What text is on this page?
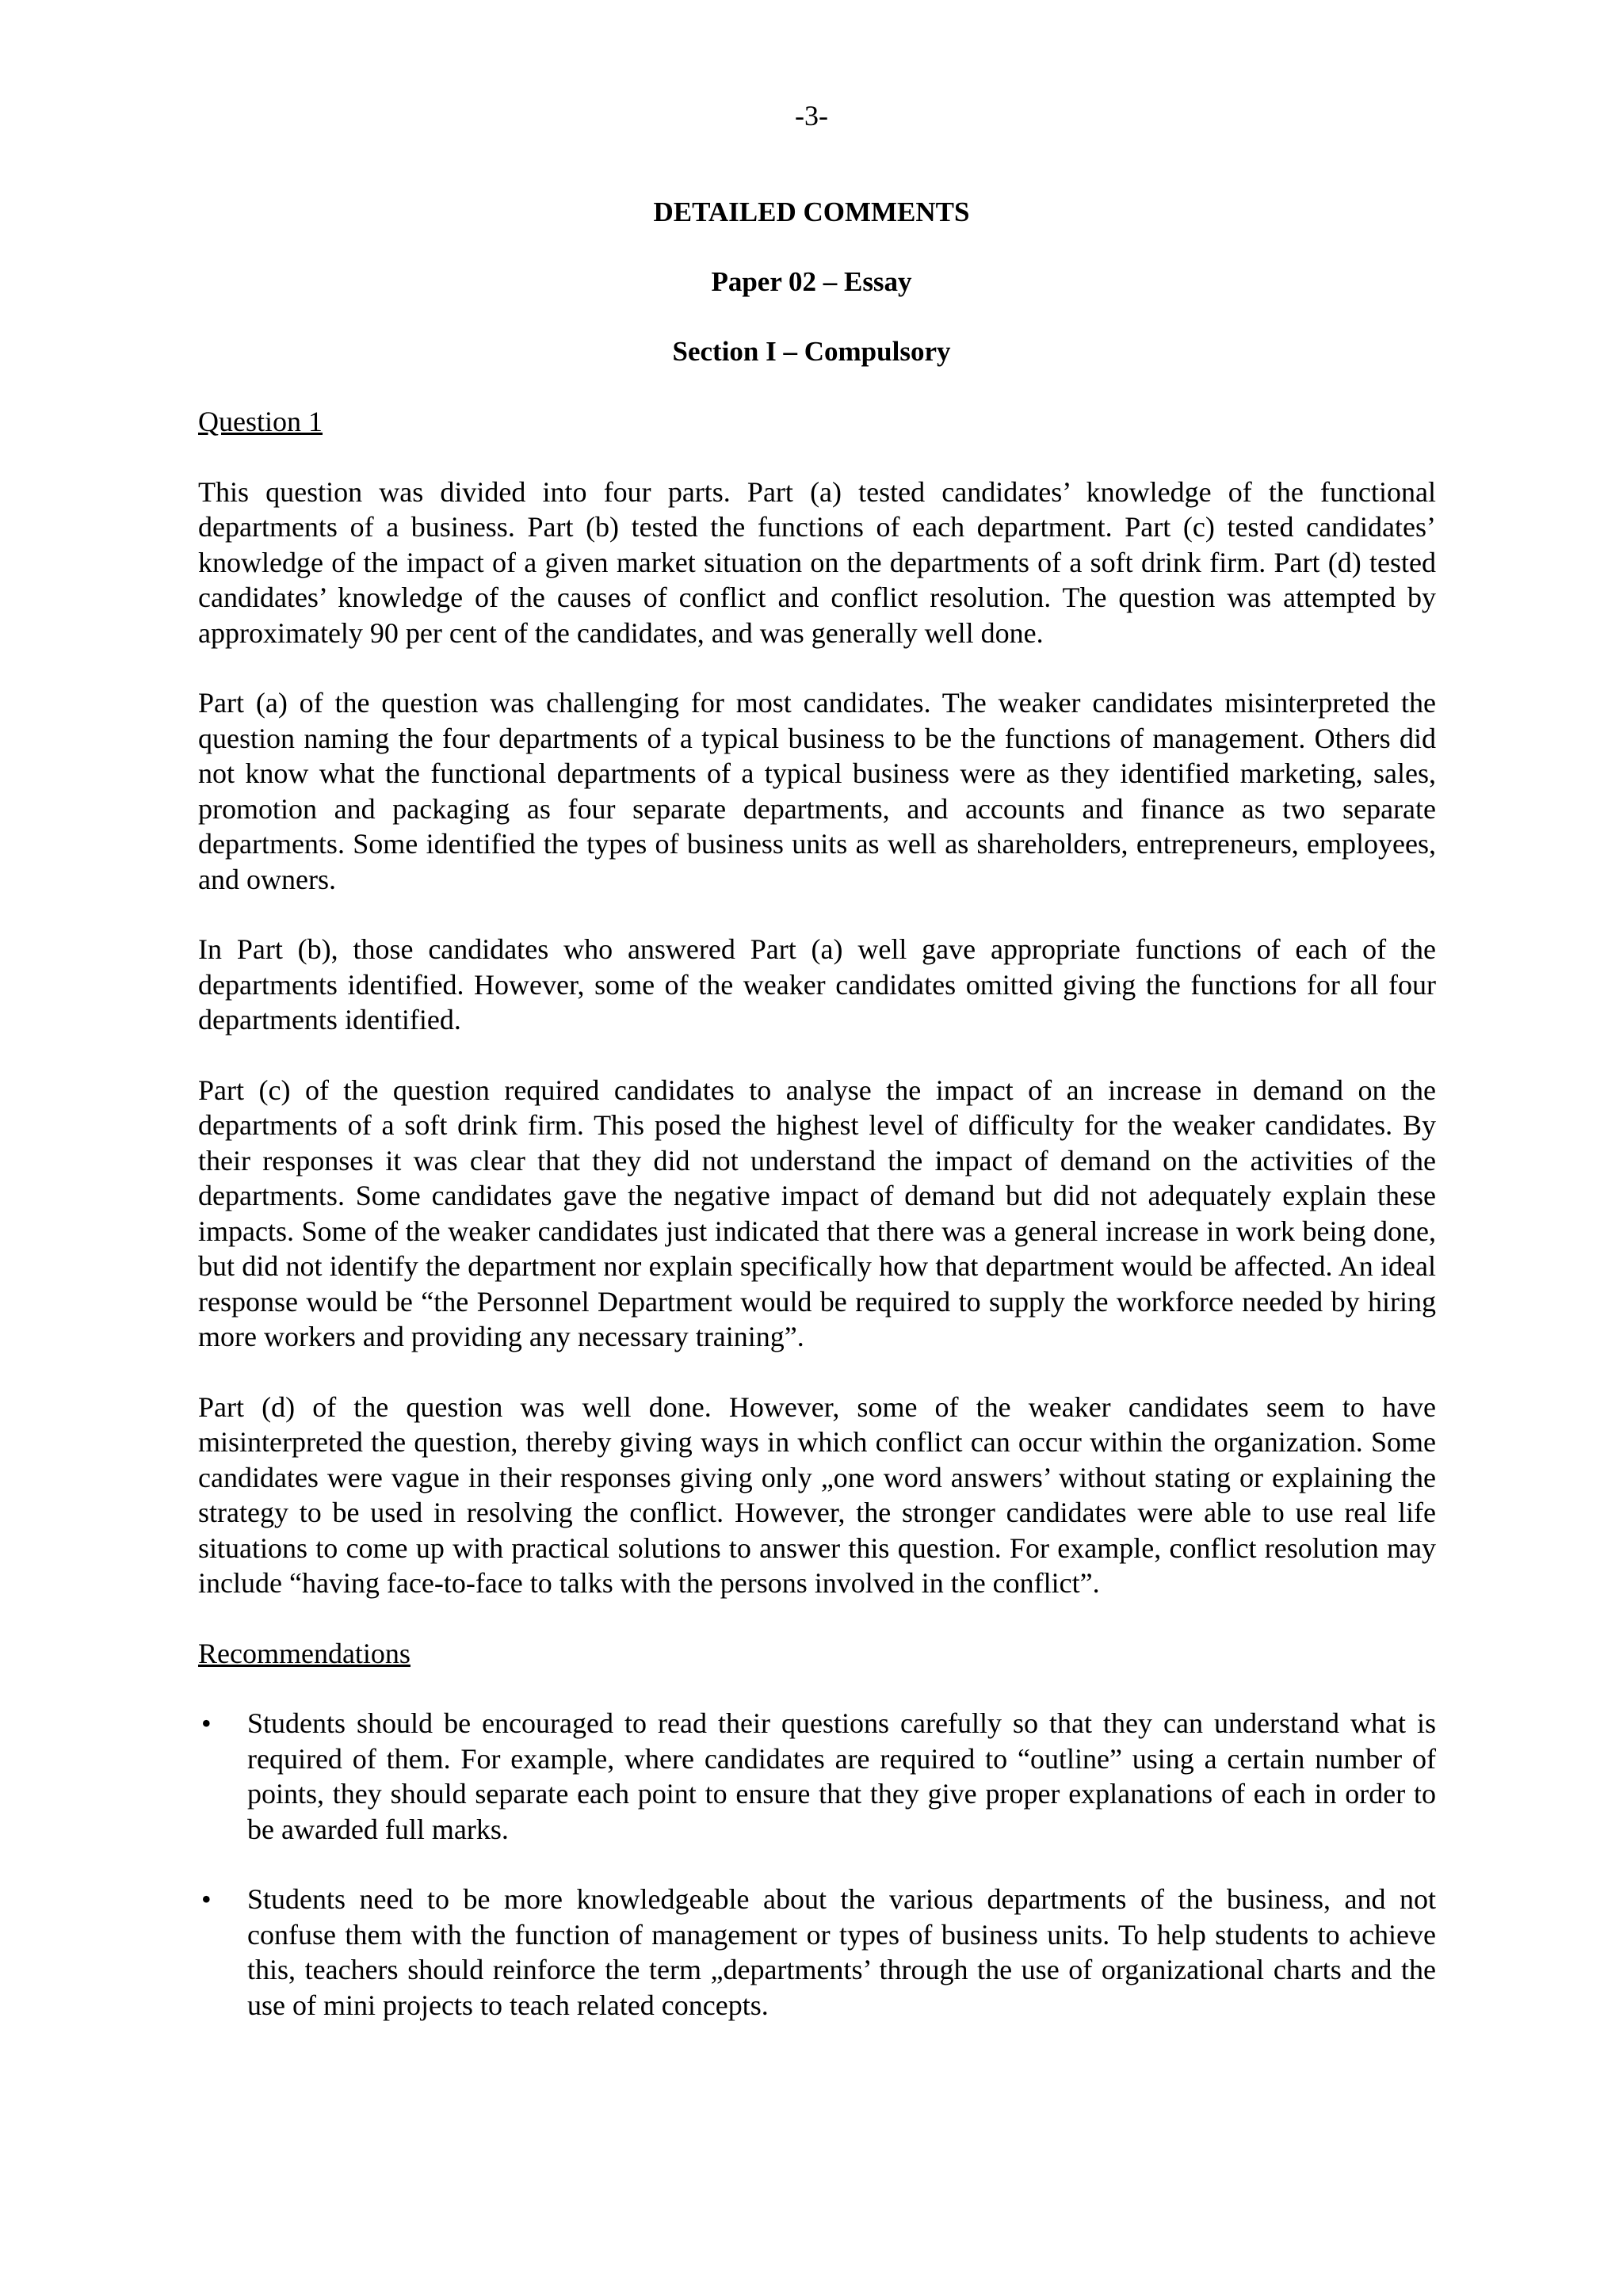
-3-
DETAILED COMMENTS
Paper 02 – Essay
Section I – Compulsory
Question 1

This question was divided into four parts. Part (a) tested candidates’ knowledge of the functional departments of a business. Part (b) tested the functions of each department. Part (c) tested candidates’ knowledge of the impact of a given market situation on the departments of a soft drink firm. Part (d) tested candidates’ knowledge of the causes of conflict and conflict resolution. The question was attempted by approximately 90 per cent of the candidates, and was generally well done.

Part (a) of the question was challenging for most candidates. The weaker candidates misinterpreted the question naming the four departments of a typical business to be the functions of management. Others did not know what the functional departments of a typical business were as they identified marketing, sales, promotion and packaging as four separate departments, and accounts and finance as two separate departments. Some identified the types of business units as well as shareholders, entrepreneurs, employees, and owners.

In Part (b), those candidates who answered Part (a) well gave appropriate functions of each of the departments identified. However, some of the weaker candidates omitted giving the functions for all four departments identified.

Part (c) of the question required candidates to analyse the impact of an increase in demand on the departments of a soft drink firm. This posed the highest level of difficulty for the weaker candidates. By their responses it was clear that they did not understand the impact of demand on the activities of the departments. Some candidates gave the negative impact of demand but did not adequately explain these impacts. Some of the weaker candidates just indicated that there was a general increase in work being done, but did not identify the department nor explain specifically how that department would be affected. An ideal response would be “the Personnel Department would be required to supply the workforce needed by hiring more workers and providing any necessary training”.

Part (d) of the question was well done. However, some of the weaker candidates seem to have misinterpreted the question, thereby giving ways in which conflict can occur within the organization. Some candidates were vague in their responses giving only „one word answers’ without stating or explaining the strategy to be used in resolving the conflict. However, the stronger candidates were able to use real life situations to come up with practical solutions to answer this question. For example, conflict resolution may include “having face-to-face to talks with the persons involved in the conflict”.

Recommendations
• Students should be encouraged to read their questions carefully so that they can understand what is required of them. For example, where candidates are required to “outline” using a certain number of points, they should separate each point to ensure that they give proper explanations of each in order to be awarded full marks.
• Students need to be more knowledgeable about the various departments of the business, and not confuse them with the function of management or types of business units. To help students to achieve this, teachers should reinforce the term „departments’ through the use of organizational charts and the use of mini projects to teach related concepts.
